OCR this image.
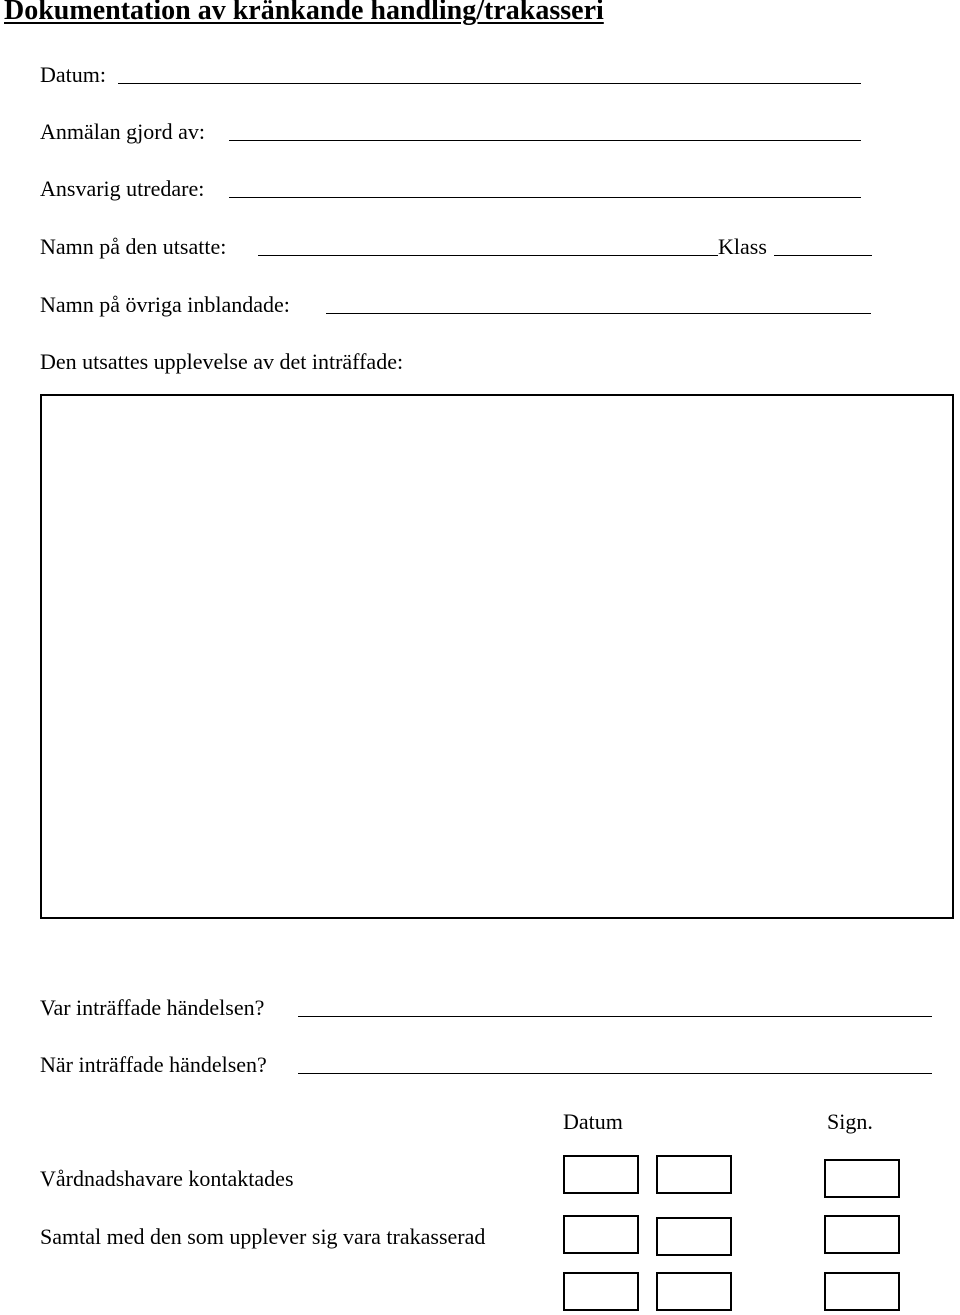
Dokumentation av kränkande handling/trakasseri
Datum:
Anmälan gjord av:
Ansvarig utredare:
Namn på den utsatte:	Klass
Namn på övriga inblandade:
Den utsattes upplevelse av det inträffade:
Var inträffade händelsen?
När inträffade händelsen?
Datum	Sign.
Vårdnadshavare kontaktades
Samtal med den som upplever sig vara trakasserad
